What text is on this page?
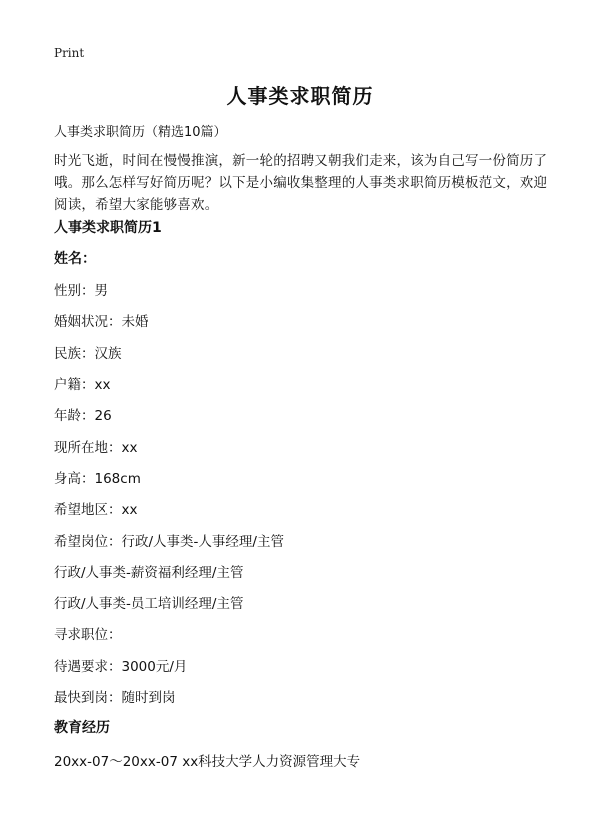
Print
人事类求职简历
人事类求职简历（精选10篇）
时光飞逝，时间在慢慢推演，新一轮的招聘又朝我们走来，该为自己写一份简历了哦。那么怎样写好简历呢？以下是小编收集整理的人事类求职简历模板范文，欢迎阅读，希望大家能够喜欢。
人事类求职简历1
姓名：
性别：男
婚姻状况：未婚
民族：汉族
户籍：xx
年龄：26
现所在地：xx
身高：168cm
希望地区：xx
希望岗位：行政/人事类-人事经理/主管
行政/人事类-薪资福利经理/主管
行政/人事类-员工培训经理/主管
寻求职位：
待遇要求：3000元/月
最快到岗：随时到岗
教育经历
20xx-07～20xx-07 xx科技大学人力资源管理大专
